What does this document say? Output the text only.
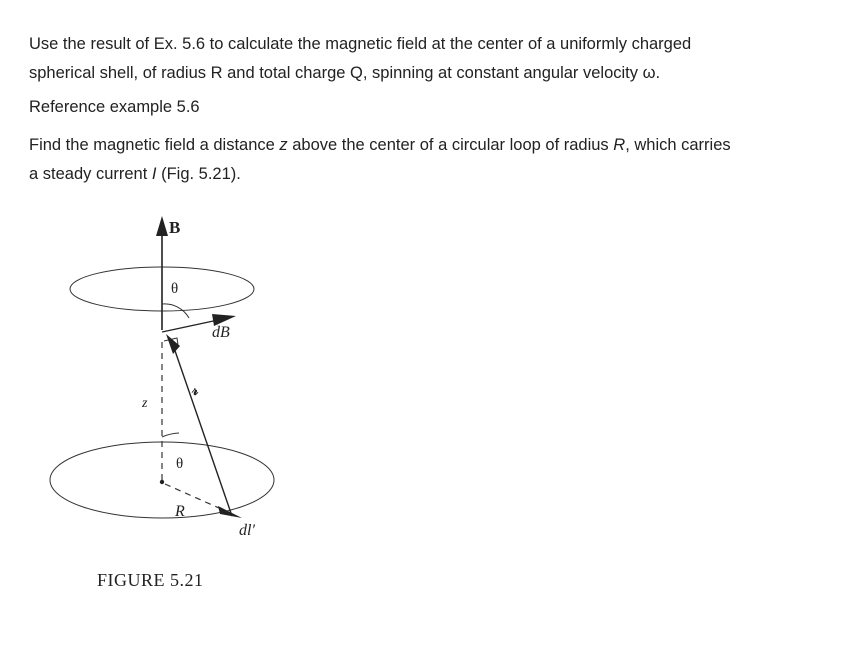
Use the result of Ex. 5.6 to calculate the magnetic field at the center of a uniformly charged
spherical shell, of radius R and total charge Q, spinning at constant angular velocity ω.

Reference example 5.6

Find the magnetic field a distance z above the center of a circular loop of radius R, which carries
a steady current I (Fig. 5.21).

B
θ
dB
𝓇
z
θ
R
dl′

FIGURE 5.21
